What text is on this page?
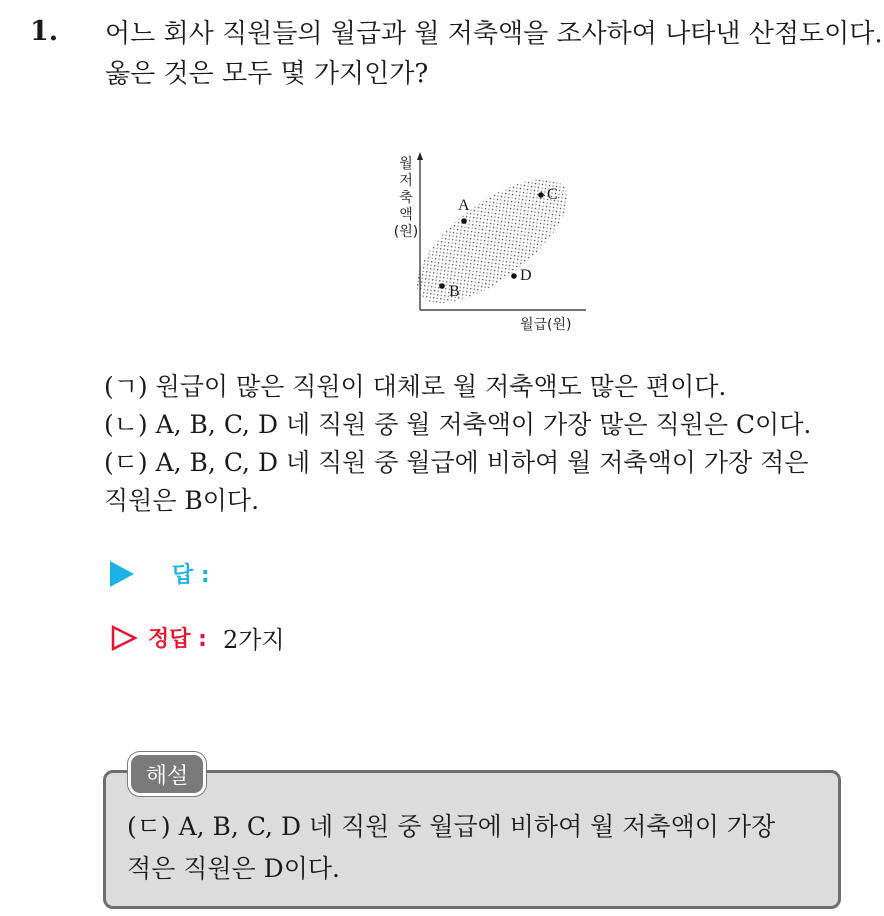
1. 어느 회사 직원들의 월급과 월 저축액을 조사하여 나타낸 산점도이다.
옳은 것은 모두 몇 가지인가?
월
저
축
액
(원)
월급(원)
A
B
C
D
(ㄱ) 원급이 많은 직원이 대체로 월 저축액도 많은 편이다.
(ㄴ) A, B, C, D 네 직원 중 월 저축액이 가장 많은 직원은 C이다.
(ㄷ) A, B, C, D 네 직원 중 월급에 비하여 월 저축액이 가장 적은
직원은 B이다.
답 :
정답 : 2가지
해설
(ㄷ) A, B, C, D 네 직원 중 월급에 비하여 월 저축액이 가장
적은 직원은 D이다.
